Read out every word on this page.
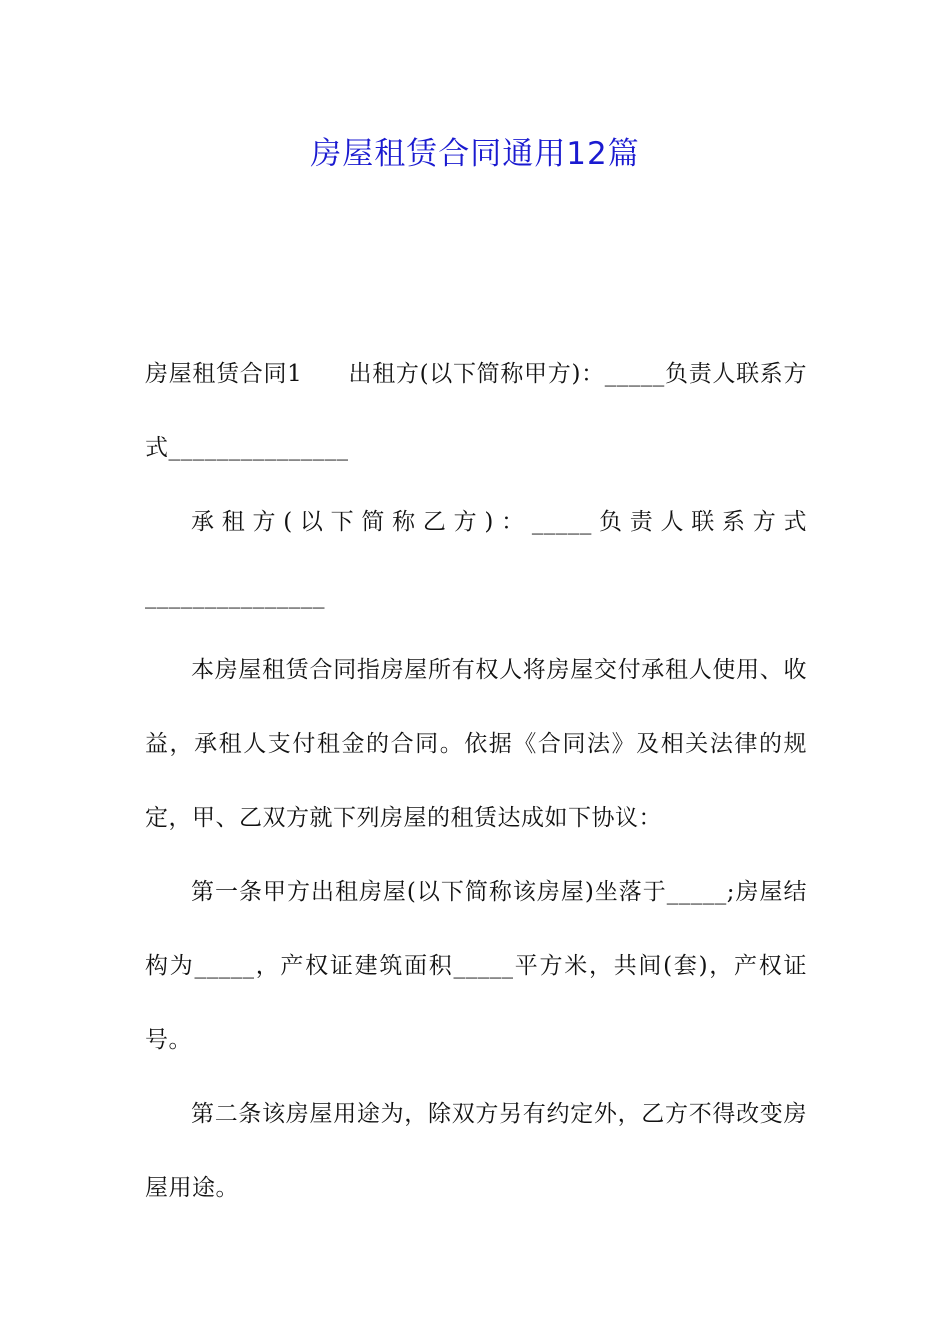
房屋租赁合同通用12篇

房屋租赁合同1 出租方(以下简称甲方)：_____负责人联系方式_______________

承租方(以下简称乙方)：_____负责人联系方式_______________

本房屋租赁合同指房屋所有权人将房屋交付承租人使用、收益，承租人支付租金的合同。依据《合同法》及相关法律的规定，甲、乙双方就下列房屋的租赁达成如下协议：

第一条甲方出租房屋(以下简称该房屋)坐落于_____;房屋结构为_____，产权证建筑面积_____平方米，共间(套)，产权证号。

第二条该房屋用途为，除双方另有约定外，乙方不得改变房屋用途。
